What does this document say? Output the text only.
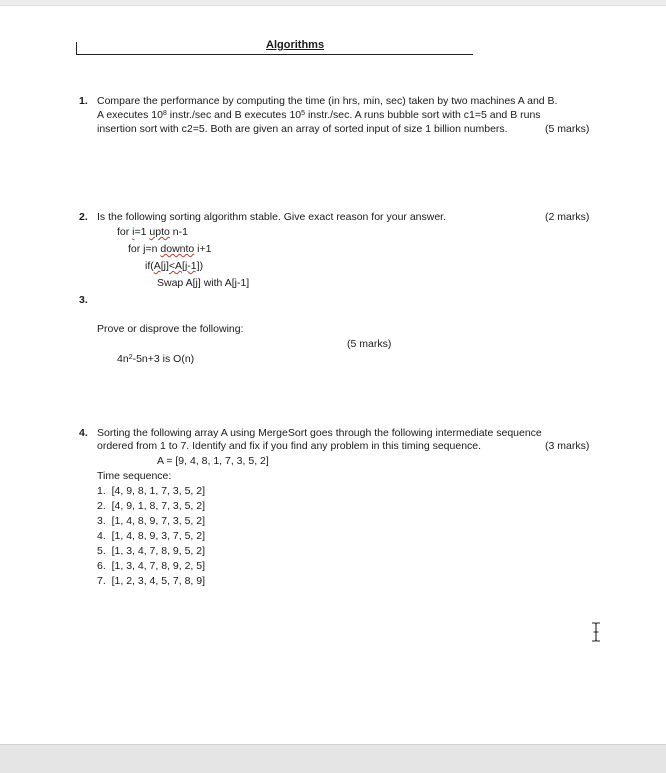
Algorithms
1. Compare the performance by computing the time (in hrs, min, sec) taken by two machines A and B.
A executes $10^8$ instr./sec and B executes $10^5$ instr./sec. A runs bubble sort with c1=5 and B runs
insertion sort with c2=5. Both are given an array of sorted input of size 1 billion numbers.	(5 marks)
2. Is the following sorting algorithm stable. Give exact reason for your answer.	(2 marks)
for i=1 upto n-1
for j=n downto i+1
if(A[j]<A[j-1])
Swap A[j] with A[j-1]
3.
Prove or disprove the following:
(5 marks)
$4n^2-5n+3$ is O(n)
4. Sorting the following array A using MergeSort goes through the following intermediate sequence
ordered from 1 to 7. Identify and fix if you find any problem in this timing sequence.	(3 marks)
A = [9, 4, 8, 1, 7, 3, 5, 2]
Time sequence:
1. [4, 9, 8, 1, 7, 3, 5, 2]
2. [4, 9, 1, 8, 7, 3, 5, 2]
3. [1, 4, 8, 9, 7, 3, 5, 2]
4. [1, 4, 8, 9, 3, 7, 5, 2]
5. [1, 3, 4, 7, 8, 9, 5, 2]
6. [1, 3, 4, 7, 8, 9, 2, 5]
7. [1, 2, 3, 4, 5, 7, 8, 9]
